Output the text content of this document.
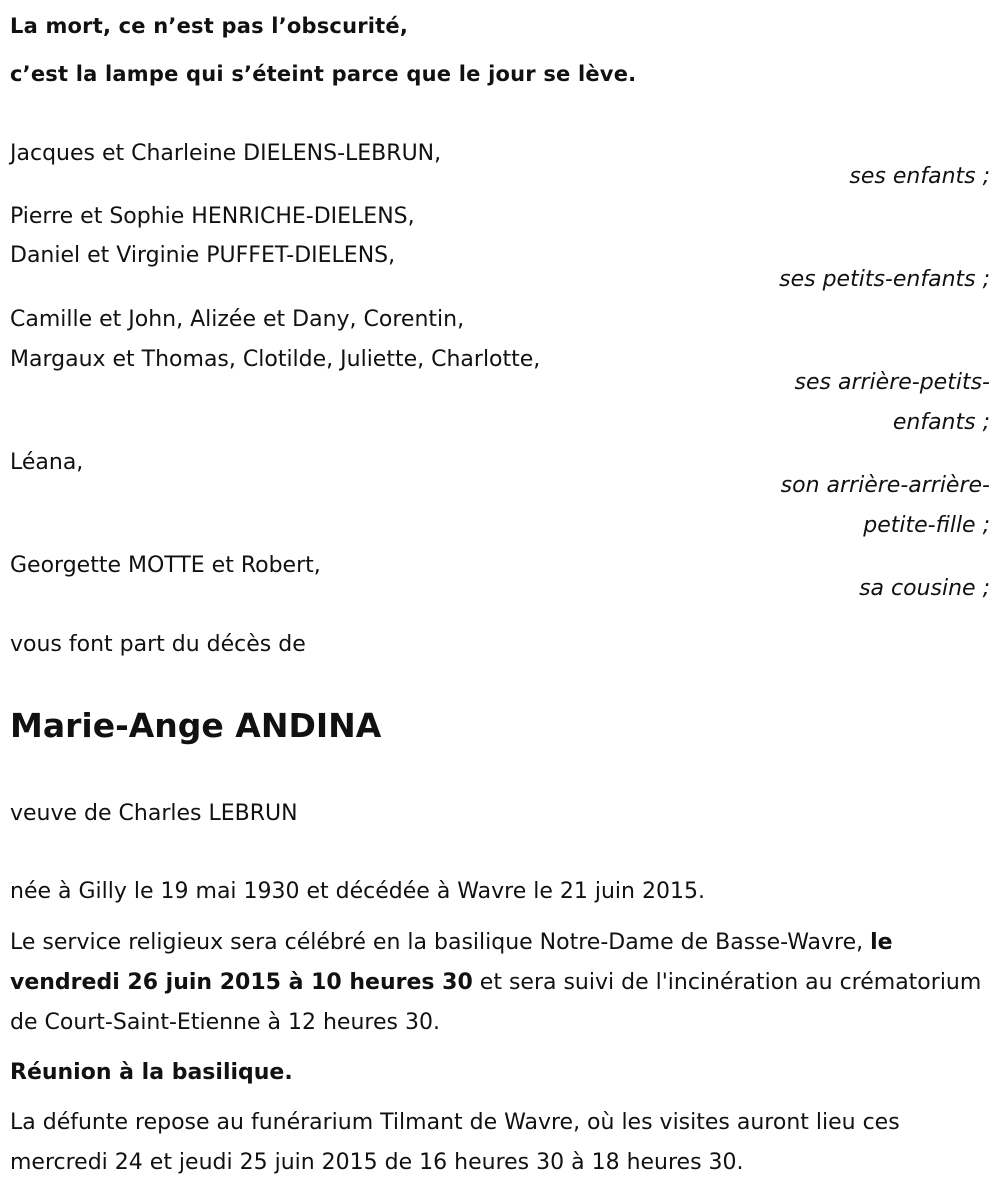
La mort, ce n’est pas l’obscurité,
c’est la lampe qui s’éteint parce que le jour se lève.
Jacques et Charleine DIELENS-LEBRUN,
ses enfants ;
Pierre et Sophie HENRICHE-DIELENS,
Daniel et Virginie PUFFET-DIELENS,
ses petits-enfants ;
Camille et John, Alizée et Dany, Corentin,
Margaux et Thomas, Clotilde, Juliette, Charlotte,
ses arrière-petits-
enfants ;
Léana,
son arrière-arrière-
petite-fille ;
Georgette MOTTE et Robert,
sa cousine ;
vous font part du décès de
Marie-Ange ANDINA
veuve de Charles LEBRUN
née à Gilly le 19 mai 1930 et décédée à Wavre le 21 juin 2015.
Le service religieux sera célébré en la basilique Notre-Dame de Basse-Wavre, le vendredi 26 juin 2015 à 10 heures 30 et sera suivi de l'incinération au crématorium de Court-Saint-Etienne à 12 heures 30.
Réunion à la basilique.
La défunte repose au funérarium Tilmant de Wavre, où les visites auront lieu ces mercredi 24 et jeudi 25 juin 2015 de 16 heures 30 à 18 heures 30.
